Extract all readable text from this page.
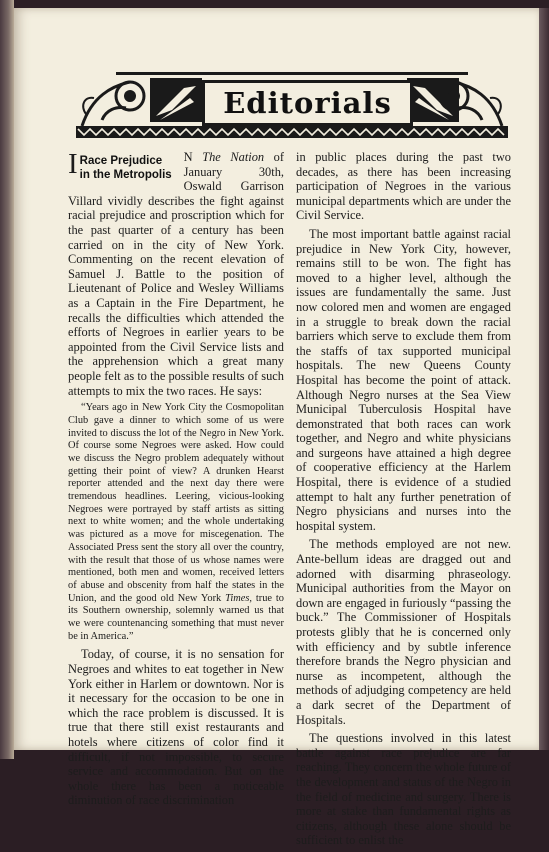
Editorials

I	N The Nation
Race Prejudice
in the Metropolis
of January 30th, Oswald Garrison Villard vividly describes the fight against racial prejudice and proscription which for the past quarter of a century has been carried on in the city of New York. Commenting on the recent elevation of Samuel J. Battle to the position of Lieutenant of Police and Wesley Williams as a Captain in the Fire Department, he recalls the difficulties which attended the efforts of Negroes in earlier years to be appointed from the Civil Service lists and the apprehension which a great many people felt as to the possible results of such attempts to mix the two races. He says:

“Years ago in New York City the Cosmopolitan Club gave a dinner to which some of us were invited to discuss the lot of the Negro in New York. Of course some Negroes were asked. How could we discuss the Negro problem adequately without getting their point of view? A drunken Hearst reporter attended and the next day there were tremendous headlines. Leering, vicious-looking Negroes were portrayed by staff artists as sitting next to white women; and the whole undertaking was pictured as a move for miscegenation. The Associated Press sent the story all over the country, with the result that those of us whose names were mentioned, both men and women, received letters of abuse and obscenity from half the states in the Union, and the good old New York Times, true to its Southern ownership, solemnly warned us that we were countenancing something that must never be in America.”

Today, of course, it is no sensation for Negroes and whites to eat together in New York either in Harlem or downtown. Nor is it necessary for the occasion to be one in which the race problem is discussed. It is true that there still exist restaurants and hotels where citizens of color find it difficult, if not impossible, to secure service and accommodation. But on the whole there has been a noticeable diminution of race discrimination

in public places during the past two decades, as there has been increasing participation of Negroes in the various municipal departments which are under the Civil Service.

The most important battle against racial prejudice in New York City, however, remains still to be won. The fight has moved to a higher level, although the issues are fundamentally the same. Just now colored men and women are engaged in a struggle to break down the racial barriers which serve to exclude them from the staffs of tax supported municipal hospitals. The new Queens County Hospital has become the point of attack. Although Negro nurses at the Sea View Municipal Tuberculosis Hospital have demonstrated that both races can work together, and Negro and white physicians and surgeons have attained a high degree of cooperative efficiency at the Harlem Hospital, there is evidence of a studied attempt to halt any further penetration of Negro physicians and nurses into the hospital system.

The methods employed are not new. Ante-bellum ideas are dragged out and adorned with disarming phraseology. Municipal authorities from the Mayor on down are engaged in furiously “passing the buck.” The Commissioner of Hospitals protests glibly that he is concerned only with efficiency and by subtle inference therefore brands the Negro physician and nurse as incompetent, although the methods of adjudging competency are held a dark secret of the Department of Hospitals.

The questions involved in this latest battle against race prejudice are far reaching. They concern the whole future of the development and status of the Negro in the field of medicine and surgery. There is more at stake than fundamental rights as citizens, although these alone should be sufficient to enlist the
